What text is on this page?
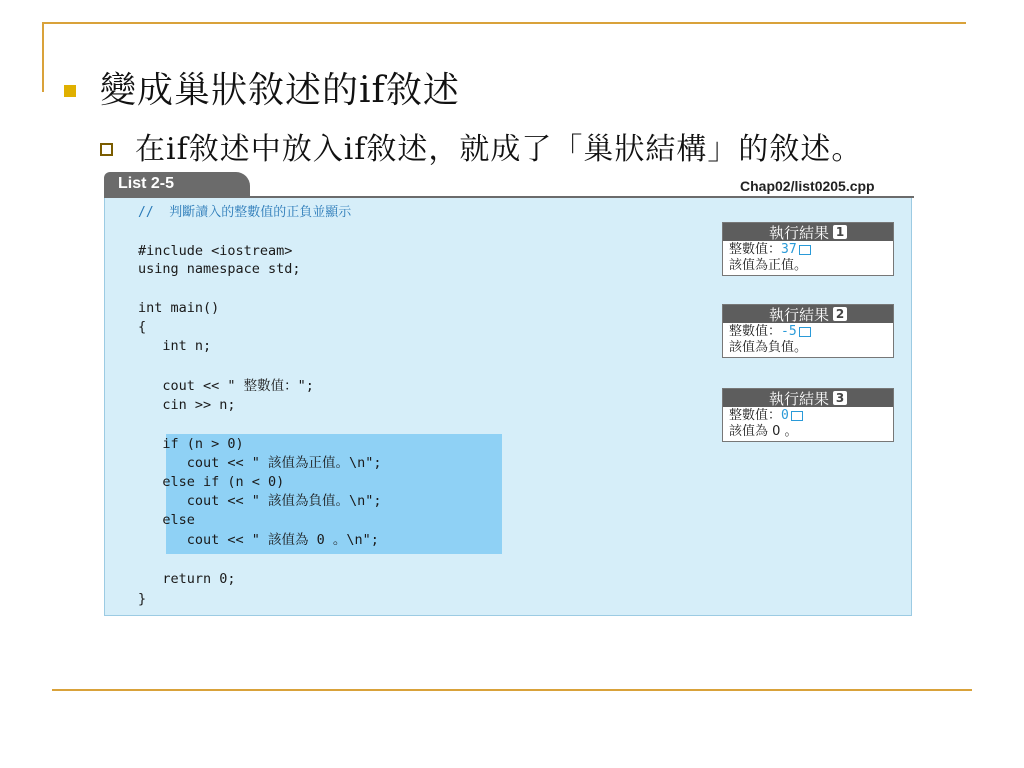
變成巢狀敘述的if敘述
在if敘述中放入if敘述，就成了「巢狀結構」的敘述。
List 2-5	Chap02/list0205.cpp
//  判斷讀入的整數值的正負並顯示
#include <iostream>
using namespace std;
int main()
{
int n;
cout << " 整數值：";
cin >> n;
if (n > 0)
cout << " 該值為正值。\n";
else if (n < 0)
cout << " 該值為負值。\n";
else
cout << " 該值為 0 。\n";
return 0;
}
執行結果 1
整數值：37
該值為正值。
執行結果 2
整數值：-5
該值為負值。
執行結果 3
整數值：0
該值為 0 。
